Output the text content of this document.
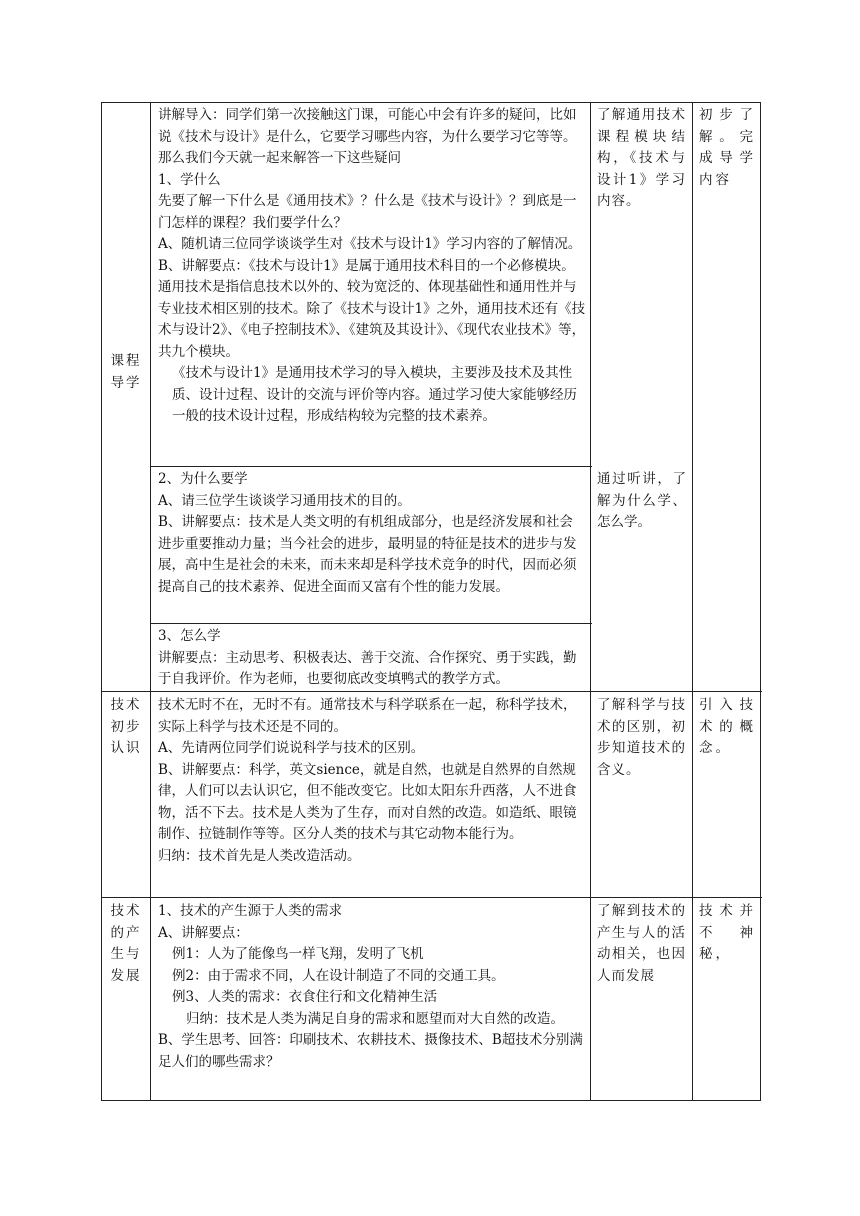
课程
导学

讲解导入：同学们第一次接触这门课，可能心中会有许多的疑问，比如说《技术与设计》是什么，它要学习哪些内容，为什么要学习它等等。那么我们今天就一起来解答一下这些疑问

1、学什么

先要了解一下什么是《通用技术》？什么是《技术与设计》？到底是一门怎样的课程？我们要学什么？

A、随机请三位同学谈谈学生对《技术与设计1》学习内容的了解情况。

B、讲解要点：《技术与设计1》是属于通用技术科目的一个必修模块。通用技术是指信息技术以外的、较为宽泛的、体现基础性和通用性并与专业技术相区别的技术。除了《技术与设计1》之外，通用技术还有《技术与设计2》、《电子控制技术》、《建筑及其设计》、《现代农业技术》等，共九个模块。

《技术与设计1》是通用技术学习的导入模块，主要涉及技术及其性质、设计过程、设计的交流与评价等内容。通过学习使大家能够经历一般的技术设计过程，形成结构较为完整的技术素养。

2、为什么要学

A、请三位学生谈谈学习通用技术的目的。

B、讲解要点：技术是人类文明的有机组成部分，也是经济发展和社会进步重要推动力量；当今社会的进步，最明显的特征是技术的进步与发展，高中生是社会的未来，而未来却是科学技术竞争的时代，因而必须提高自己的技术素养、促进全面而又富有个性的能力发展。

3、怎么学

讲解要点：主动思考、积极表达、善于交流、合作探究、勇于实践，勤于自我评价。作为老师，也要彻底改变填鸭式的教学方式。

了解通用技术课程模块结构，《技术与设计1》学习内容。
通过听讲，了解为什么学、怎么学。
初步了解。完成导学内容
技术
初步
认识

技术无时不在，无时不有。通常技术与科学联系在一起，称科学技术，实际上科学与技术还是不同的。

A、先请两位同学们说说科学与技术的区别。

B、讲解要点：科学，英文sience，就是自然，也就是自然界的自然规律，人们可以去认识它，但不能改变它。比如太阳东升西落，人不进食物，活不下去。技术是人类为了生存，而对自然的改造。如造纸、眼镜制作、拉链制作等等。区分人类的技术与其它动物本能行为。

归纳：技术首先是人类改造活动。

了解科学与技术的区别，初步知道技术的含义。
引入技术的概念。
技术
的产
生与
发展

1、技术的产生源于人类的需求

A、讲解要点：

例1：人为了能像鸟一样飞翔，发明了飞机

例2：由于需求不同，人在设计制造了不同的交通工具。

例3、人类的需求：衣食住行和文化精神生活

归纳：技术是人类为满足自身的需求和愿望而对大自然的改造。

B、学生思考、回答：印刷技术、农耕技术、摄像技术、B超技术分别满足人们的哪些需求？

了解到技术的产生与人的活动相关，也因人而发展
技术并不　神秘，
